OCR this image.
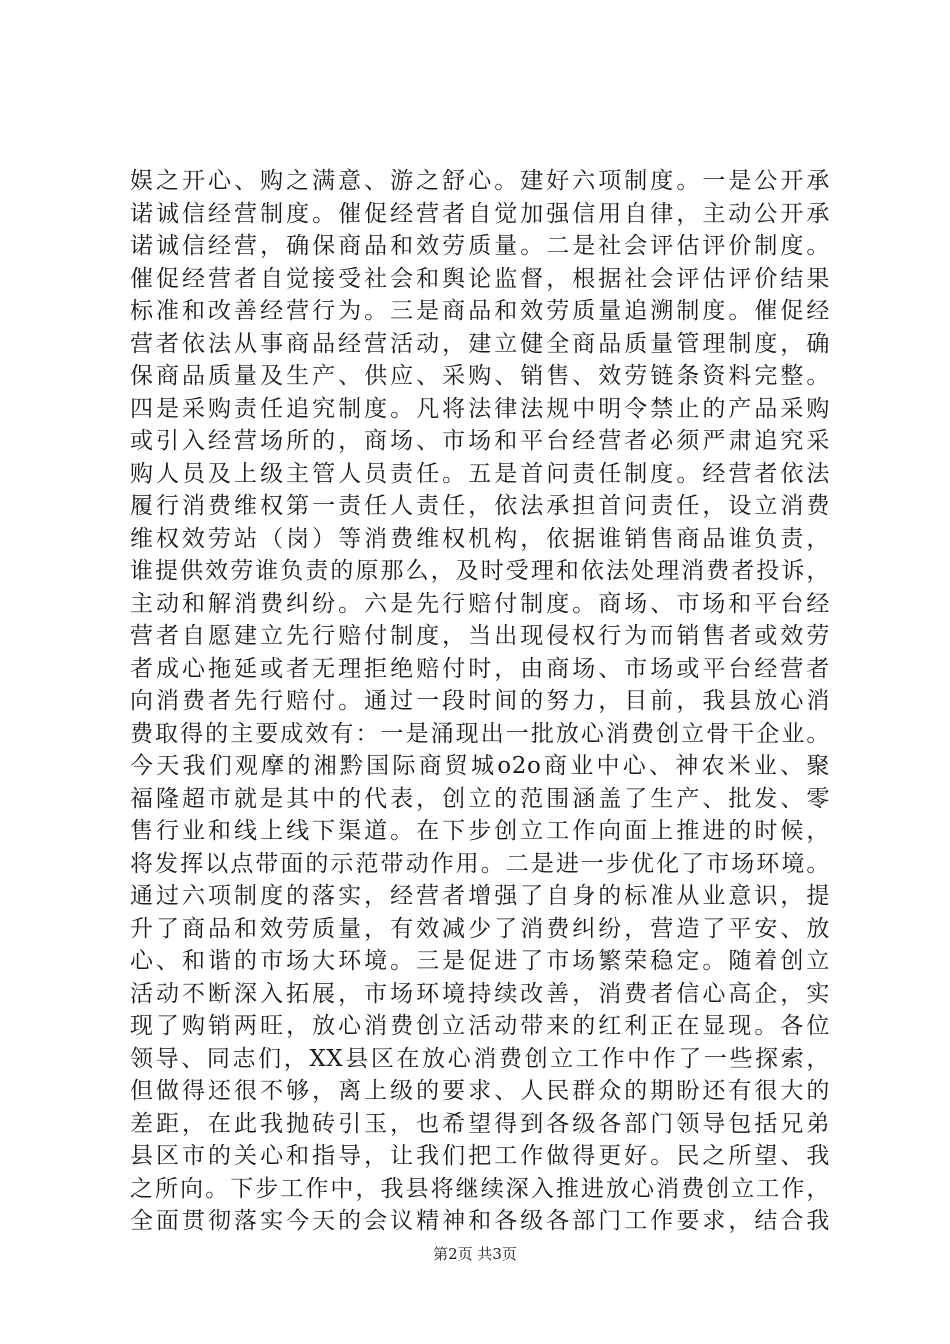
娱之开心、购之满意、游之舒心。建好六项制度。一是公开承
诺诚信经营制度。催促经营者自觉加强信用自律，主动公开承
诺诚信经营，确保商品和效劳质量。二是社会评估评价制度。
催促经营者自觉接受社会和舆论监督，根据社会评估评价结果
标准和改善经营行为。三是商品和效劳质量追溯制度。催促经
营者依法从事商品经营活动，建立健全商品质量管理制度，确
保商品质量及生产、供应、采购、销售、效劳链条资料完整。
四是采购责任追究制度。凡将法律法规中明令禁止的产品采购
或引入经营场所的，商场、市场和平台经营者必须严肃追究采
购人员及上级主管人员责任。五是首问责任制度。经营者依法
履行消费维权第一责任人责任，依法承担首问责任，设立消费
维权效劳站（岗）等消费维权机构，依据谁销售商品谁负责，
谁提供效劳谁负责的原那么，及时受理和依法处理消费者投诉，
主动和解消费纠纷。六是先行赔付制度。商场、市场和平台经
营者自愿建立先行赔付制度，当出现侵权行为而销售者或效劳
者成心拖延或者无理拒绝赔付时，由商场、市场或平台经营者
向消费者先行赔付。通过一段时间的努力，目前，我县放心消
费取得的主要成效有：一是涌现出一批放心消费创立骨干企业。
今天我们观摩的湘黔国际商贸城o2o商业中心、神农米业、聚
福隆超市就是其中的代表，创立的范围涵盖了生产、批发、零
售行业和线上线下渠道。在下步创立工作向面上推进的时候，
将发挥以点带面的示范带动作用。二是进一步优化了市场环境。
通过六项制度的落实，经营者增强了自身的标准从业意识，提
升了商品和效劳质量，有效减少了消费纠纷，营造了平安、放
心、和谐的市场大环境。三是促进了市场繁荣稳定。随着创立
活动不断深入拓展，市场环境持续改善，消费者信心高企，实
现了购销两旺，放心消费创立活动带来的红利正在显现。各位
领导、同志们，XX县区在放心消费创立工作中作了一些探索，
但做得还很不够，离上级的要求、人民群众的期盼还有很大的
差距，在此我抛砖引玉，也希望得到各级各部门领导包括兄弟
县区市的关心和指导，让我们把工作做得更好。民之所望、我
之所向。下步工作中，我县将继续深入推进放心消费创立工作，
全面贯彻落实今天的会议精神和各级各部门工作要求，结合我
第2页 共3页
